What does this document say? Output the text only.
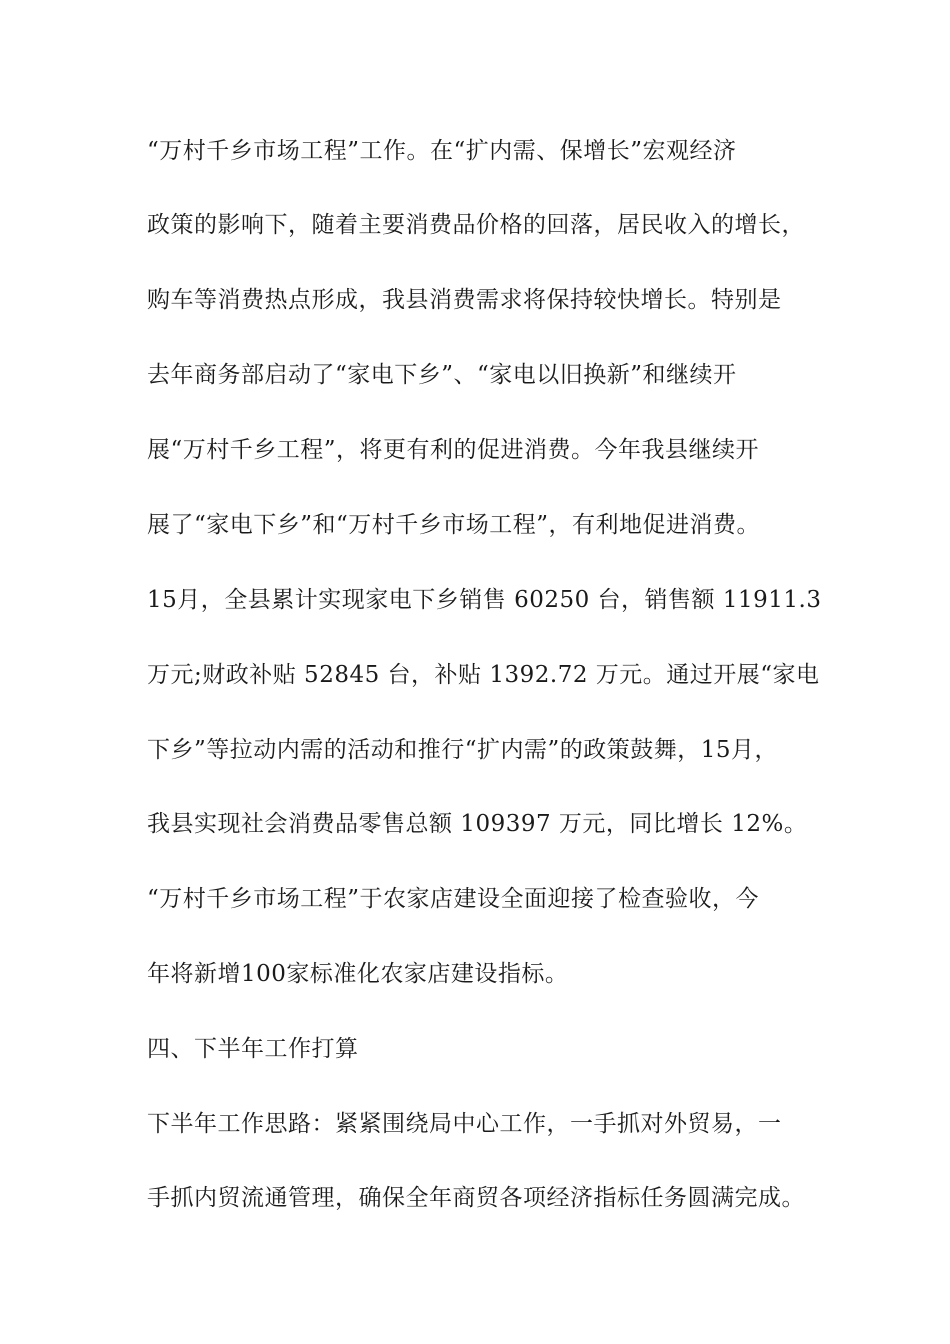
“万村千乡市场工程”工作。在“扩内需、保增长”宏观经济
政策的影响下，随着主要消费品价格的回落，居民收入的增长，
购车等消费热点形成，我县消费需求将保持较快增长。特别是
去年商务部启动了“家电下乡”、“家电以旧换新”和继续开
展“万村千乡工程”，将更有利的促进消费。今年我县继续开
展了“家电下乡”和“万村千乡市场工程”，有利地促进消费。
15月，全县累计实现家电下乡销售 60250 台，销售额 11911.3
万元;财政补贴 52845 台，补贴 1392.72 万元。通过开展“家电
下乡”等拉动内需的活动和推行“扩内需”的政策鼓舞，15月，
我县实现社会消费品零售总额 109397 万元，同比增长 12%。
“万村千乡市场工程”于农家店建设全面迎接了检查验收，今
年将新增100家标准化农家店建设指标。
四、下半年工作打算
下半年工作思路：紧紧围绕局中心工作，一手抓对外贸易，一
手抓内贸流通管理，确保全年商贸各项经济指标任务圆满完成。
